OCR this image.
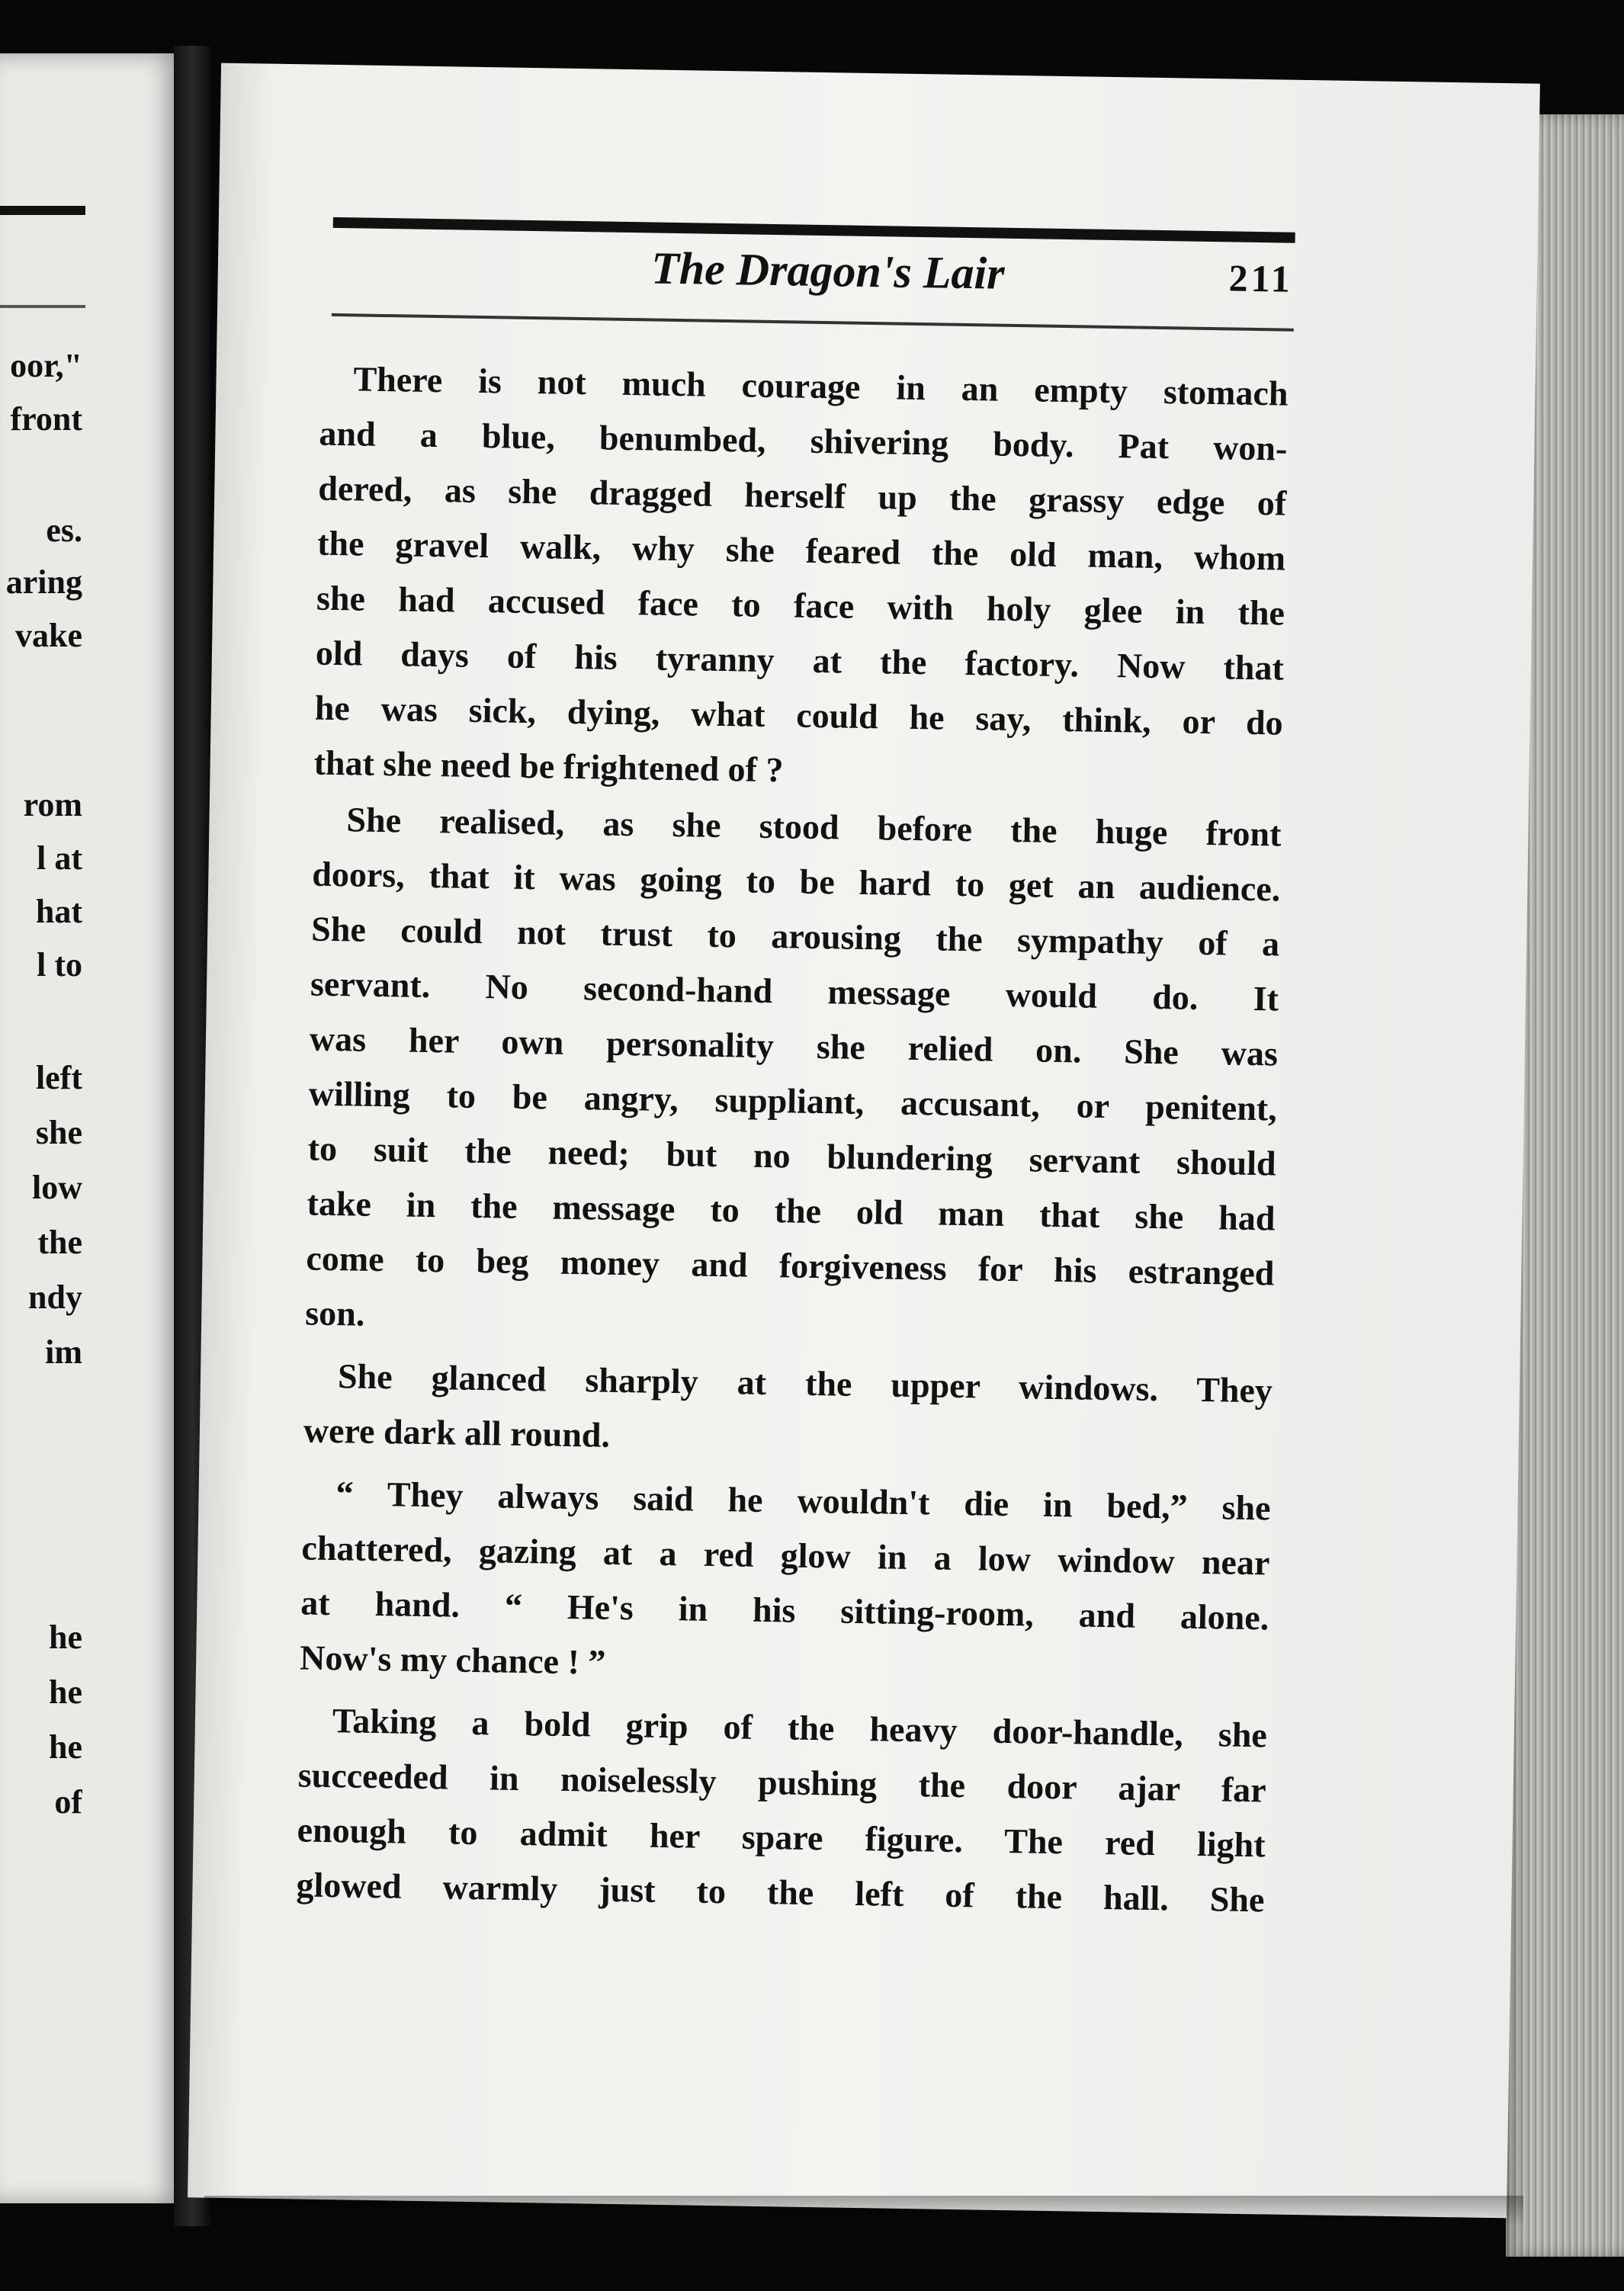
oor,"
front
es.
aring
vake
rom
l at
hat
l to
left
she
low
the
ndy
im
he
he
he
of
The Dragon's Lair	211
There is not much courage in an empty stomach
and a blue, benumbed, shivering body. Pat won-
dered, as she dragged herself up the grassy edge of
the gravel walk, why she feared the old man, whom
she had accused face to face with holy glee in the
old days of his tyranny at the factory. Now that
he was sick, dying, what could he say, think, or do
that she need be frightened of ?
She realised, as she stood before the huge front
doors, that it was going to be hard to get an audience.
She could not trust to arousing the sympathy of a
servant. No second-hand message would do. It
was her own personality she relied on. She was
willing to be angry, suppliant, accusant, or penitent,
to suit the need; but no blundering servant should
take in the message to the old man that she had
come to beg money and forgiveness for his estranged
son.
She glanced sharply at the upper windows. They
were dark all round.
“ They always said he wouldn't die in bed,” she
chattered, gazing at a red glow in a low window near
at hand. “ He's in his sitting-room, and alone.
Now's my chance ! ”
Taking a bold grip of the heavy door-handle, she
succeeded in noiselessly pushing the door ajar far
enough to admit her spare figure. The red light
glowed warmly just to the left of the hall. She
